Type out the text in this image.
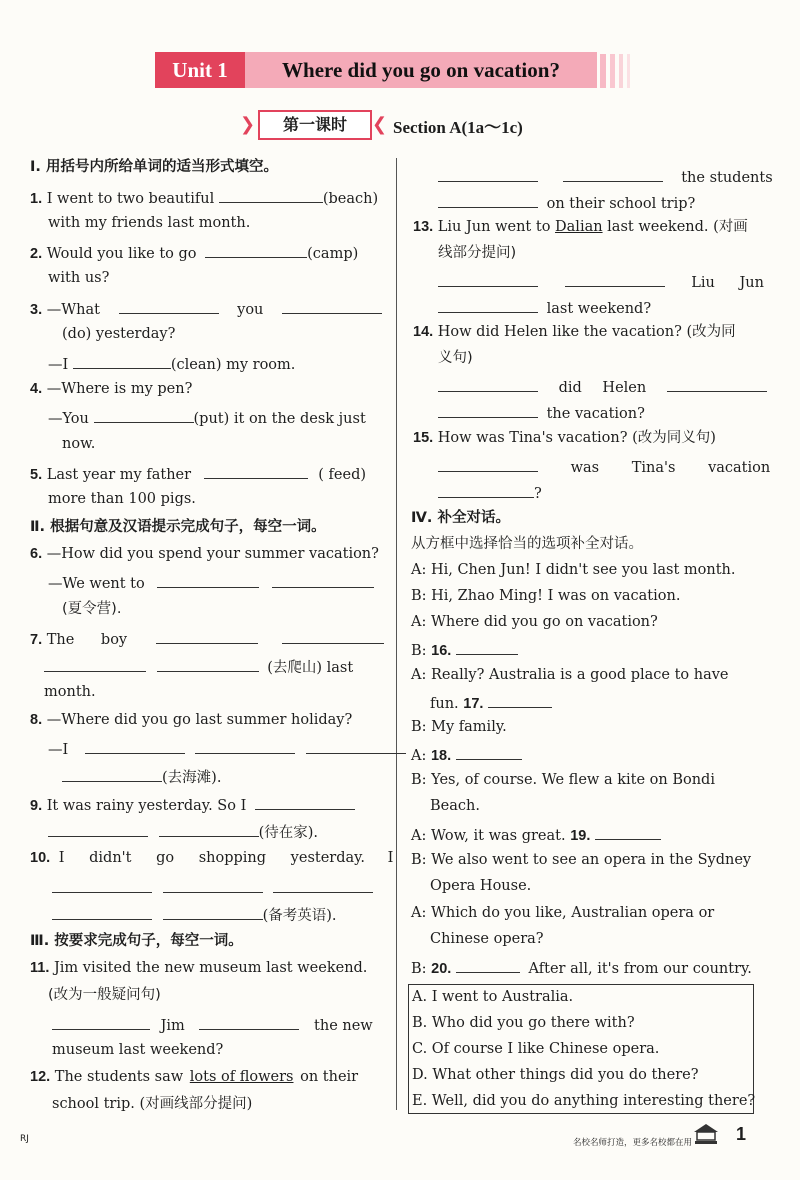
Unit 1	Where did you go on vacation?
❯	第一课时	❮ Section A(1a～1c)
Ⅰ. 用括号内所给单词的适当形式填空。
1. I went to two beautiful	(beach)
with my friends last month.
2. Would you like to go	(camp)
with us?
3. —What	you
(do) yesterday?
—I	(clean) my room.
4. —Where is my pen?
—You	(put) it on the desk just
now.
5. Last year my father	( feed)
more than 100 pigs.
Ⅱ. 根据句意及汉语提示完成句子，每空一词。
6. —How did you spend your summer vacation?
—We went to
(夏令营).
7. The boy
(去爬山) last
month.
8. —Where did you go last summer holiday?
—I
(去海滩).
9. It was rainy yesterday. So I
(待在家).
10. I didn't go shopping yesterday. I

(备考英语).
Ⅲ. 按要求完成句子，每空一词。
11. Jim visited the new museum last weekend.
(改为一般疑问句)
Jim	the new
museum last weekend?
12. The students saw lots of flowers on their
school trip. (对画线部分提问)
the students
on their school trip?
13. Liu Jun went to Dalian last weekend. (对画
线部分提问)
Liu Jun
last weekend?
14. How did Helen like the vacation? (改为同
义句)
did Helen
the vacation?
15. How was Tina's vacation? (改为同义句)
was Tina's vacation
?
Ⅳ. 补全对话。
从方框中选择恰当的选项补全对话。
A: Hi, Chen Jun! I didn't see you last month.
B: Hi, Zhao Ming! I was on vacation.
A: Where did you go on vacation?
B: 16.
A: Really? Australia is a good place to have
fun. 17.
B: My family.
A: 18.
B: Yes, of course. We flew a kite on Bondi
Beach.
A: Wow, it was great. 19.
B: We also went to see an opera in the Sydney
Opera House.
A: Which do you like, Australian opera or
Chinese opera?
B: 20.	After all, it's from our country.
A. I went to Australia.
B. Who did you go there with?
C. Of course I like Chinese opera.
D. What other things did you do there?
E. Well, did you do anything interesting there?
RJ	名校名师打造，更多名校都在用 1
